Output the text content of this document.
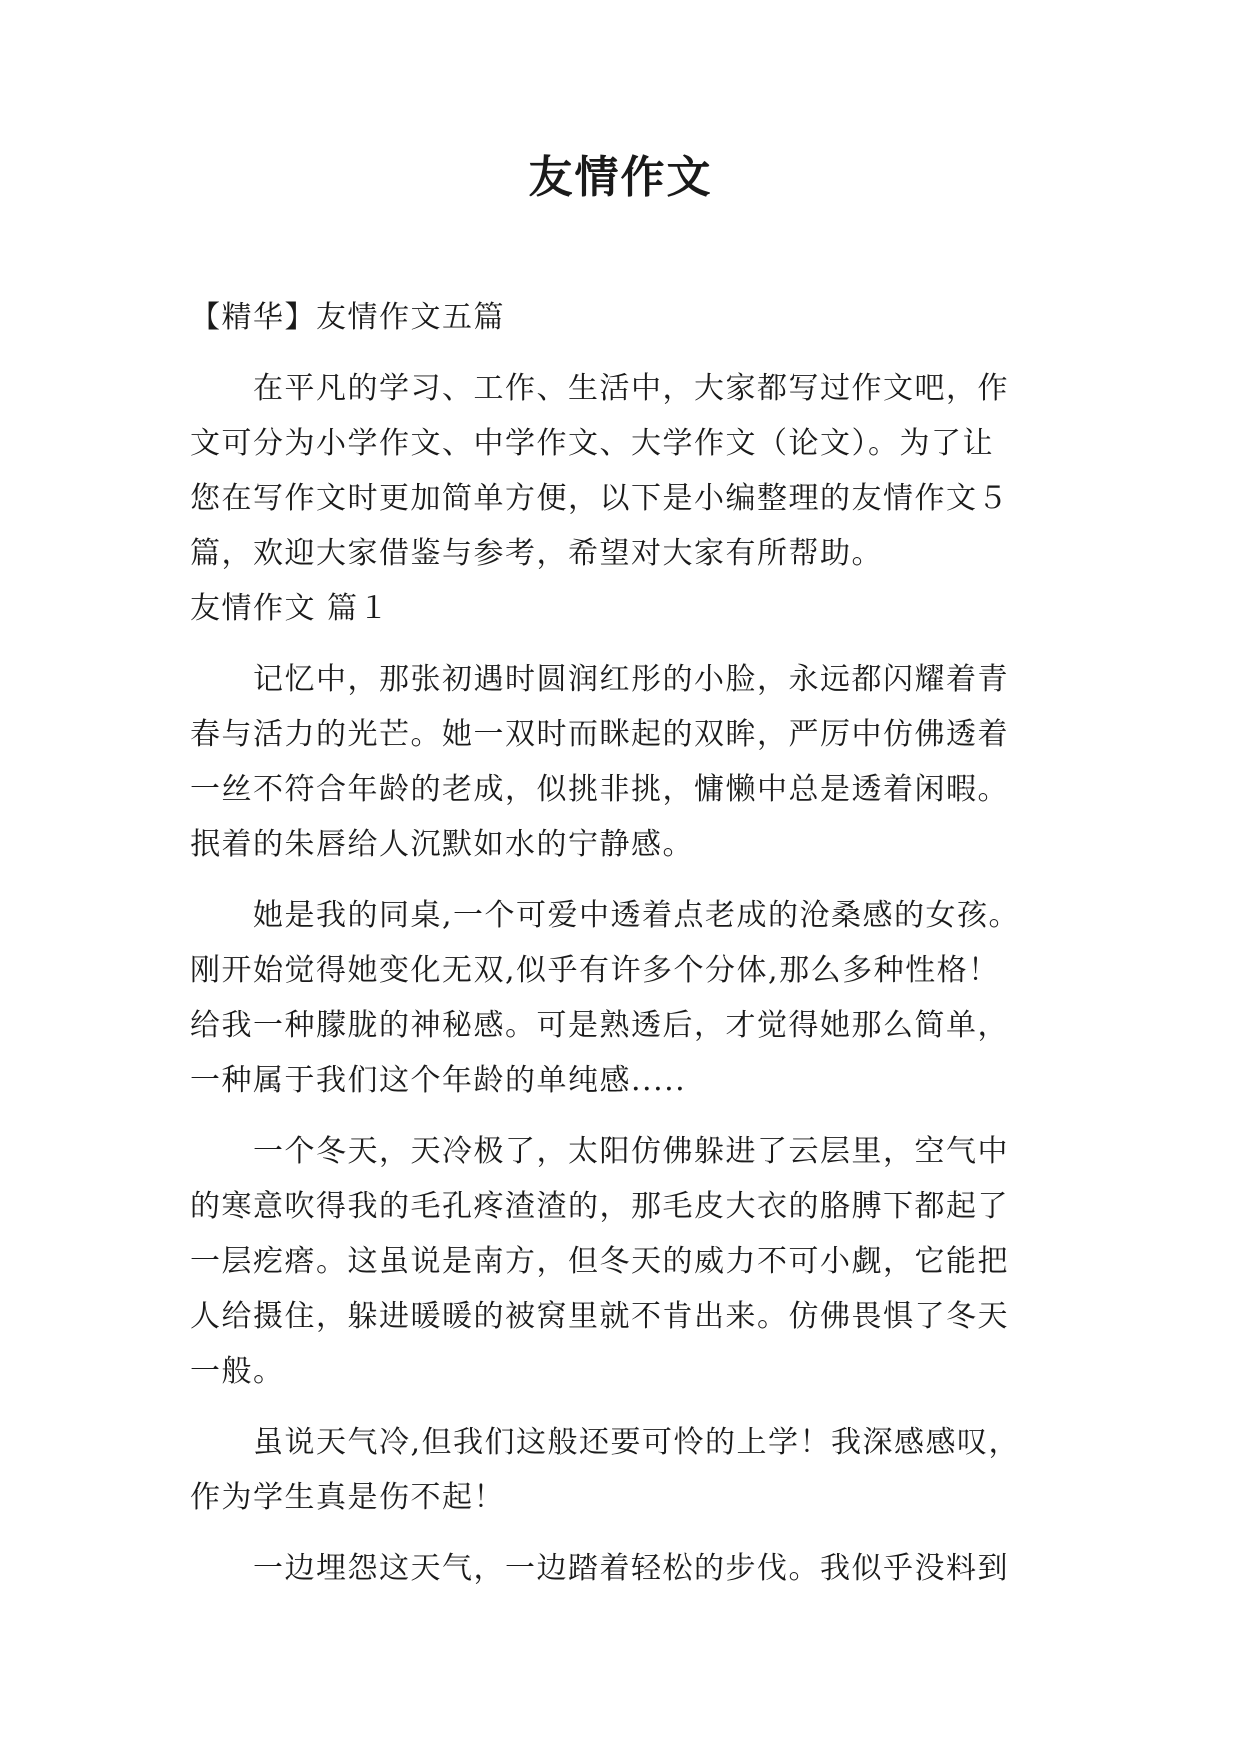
友情作文
【精华】友情作文五篇
　　在平凡的学习、工作、生活中，大家都写过作文吧，作
文可分为小学作文、中学作文、大学作文（论文）。为了让
您在写作文时更加简单方便，以下是小编整理的友情作文５
篇，欢迎大家借鉴与参考，希望对大家有所帮助。
友情作文 篇１
　　记忆中，那张初遇时圆润红彤的小脸，永远都闪耀着青
春与活力的光芒。她一双时而眯起的双眸，严厉中仿佛透着
一丝不符合年龄的老成，似挑非挑，慵懒中总是透着闲暇。
抿着的朱唇给人沉默如水的宁静感。
　　她是我的同桌,一个可爱中透着点老成的沧桑感的女孩。
刚开始觉得她变化无双,似乎有许多个分体,那么多种性格！
给我一种朦胧的神秘感。可是熟透后，才觉得她那么简单，
一种属于我们这个年龄的单纯感.....
　　一个冬天，天冷极了，太阳仿佛躲进了云层里，空气中
的寒意吹得我的毛孔疼渣渣的，那毛皮大衣的胳膊下都起了
一层疙瘩。这虽说是南方，但冬天的威力不可小觑，它能把
人给摄住，躲进暖暖的被窝里就不肯出来。仿佛畏惧了冬天
一般。
　　虽说天气冷,但我们这般还要可怜的上学！我深感感叹，
作为学生真是伤不起！
　　一边埋怨这天气，一边踏着轻松的步伐。我似乎没料到
